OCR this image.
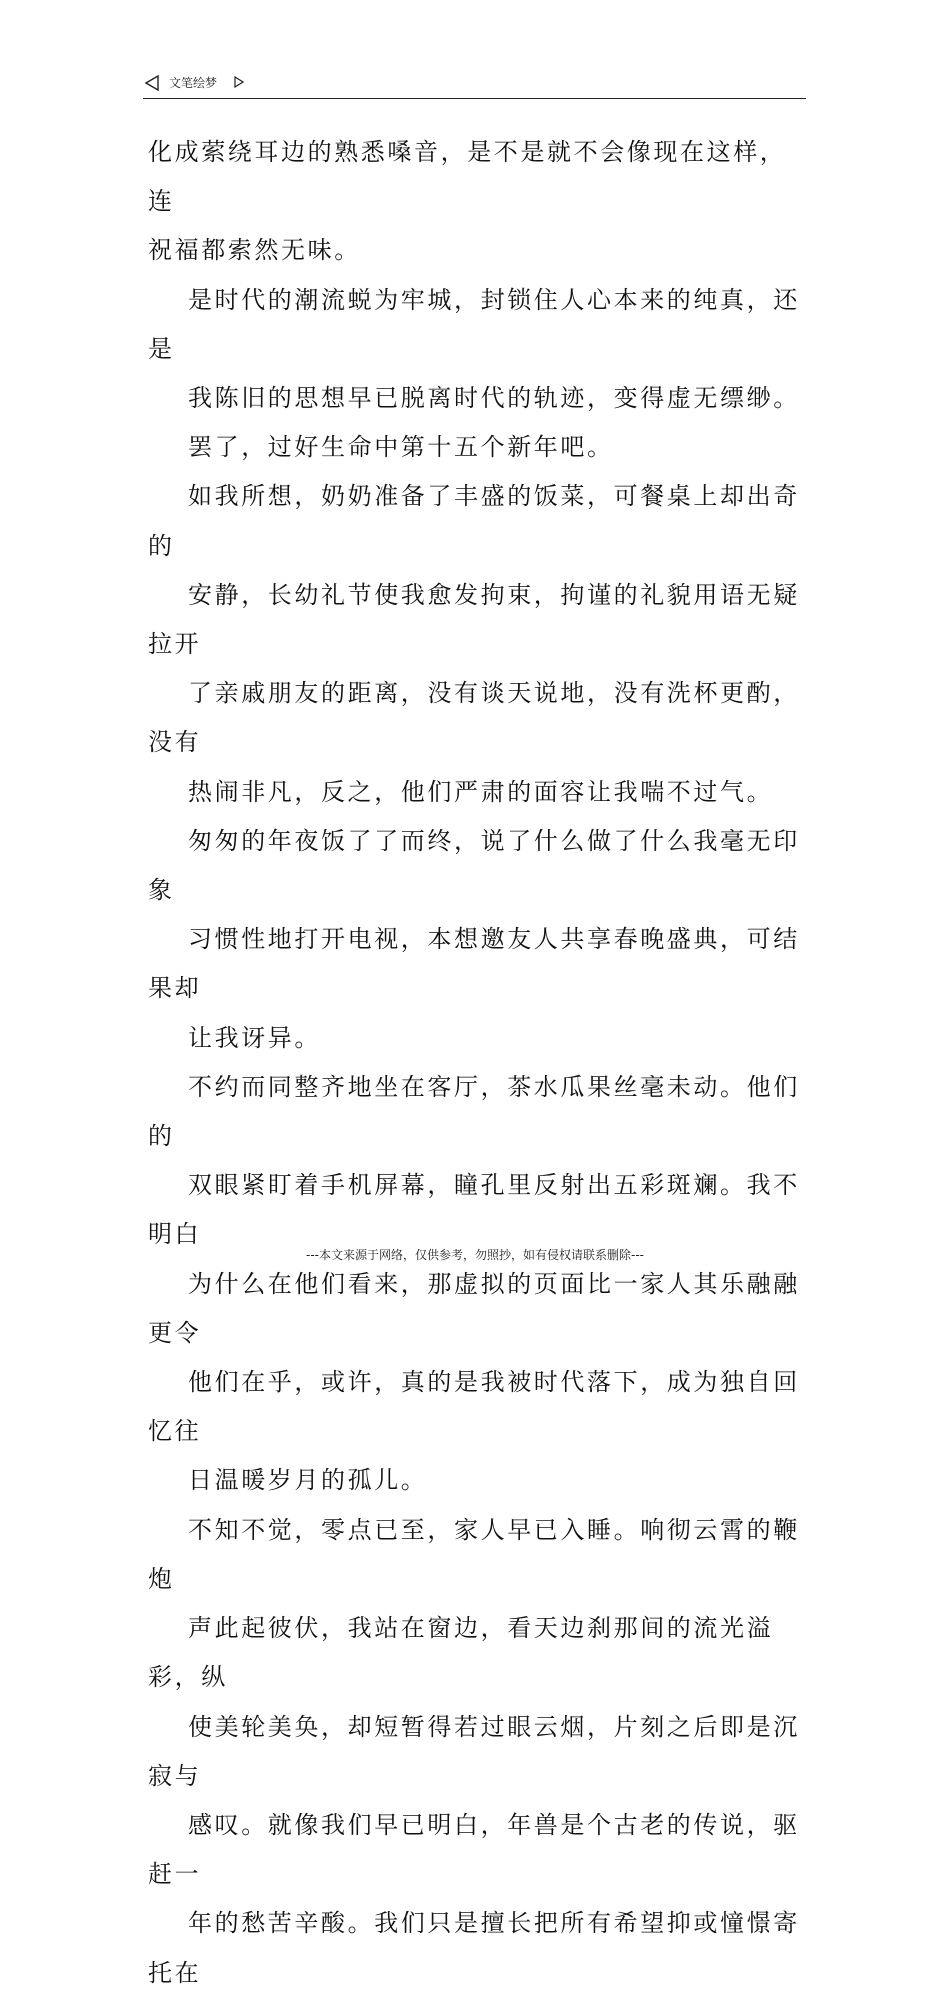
文笔绘梦
化成萦绕耳边的熟悉嗓音，是不是就不会像现在这样，连
祝福都索然无味。
是时代的潮流蜕为牢城，封锁住人心本来的纯真，还是
我陈旧的思想早已脱离时代的轨迹，变得虚无缥缈。
罢了，过好生命中第十五个新年吧。
如我所想，奶奶准备了丰盛的饭菜，可餐桌上却出奇的
安静，长幼礼节使我愈发拘束，拘谨的礼貌用语无疑拉开
了亲戚朋友的距离，没有谈天说地，没有洗杯更酌，没有
热闹非凡，反之，他们严肃的面容让我喘不过气。
匆匆的年夜饭了了而终，说了什么做了什么我毫无印象
习惯性地打开电视，本想邀友人共享春晚盛典，可结果却
让我讶异。
不约而同整齐地坐在客厅，茶水瓜果丝毫未动。他们的
双眼紧盯着手机屏幕，瞳孔里反射出五彩斑斓。我不明白
为什么在他们看来，那虚拟的页面比一家人其乐融融更令
他们在乎，或许，真的是我被时代落下，成为独自回忆往
日温暖岁月的孤儿。
不知不觉，零点已至，家人早已入睡。响彻云霄的鞭炮
声此起彼伏，我站在窗边，看天边刹那间的流光溢彩，纵
使美轮美奂，却短暂得若过眼云烟，片刻之后即是沉寂与
感叹。就像我们早已明白，年兽是个古老的传说，驱赶一
年的愁苦辛酸。我们只是擅长把所有希望抑或憧憬寄托在
---本文来源于网络，仅供参考，勿照抄，如有侵权请联系删除---
